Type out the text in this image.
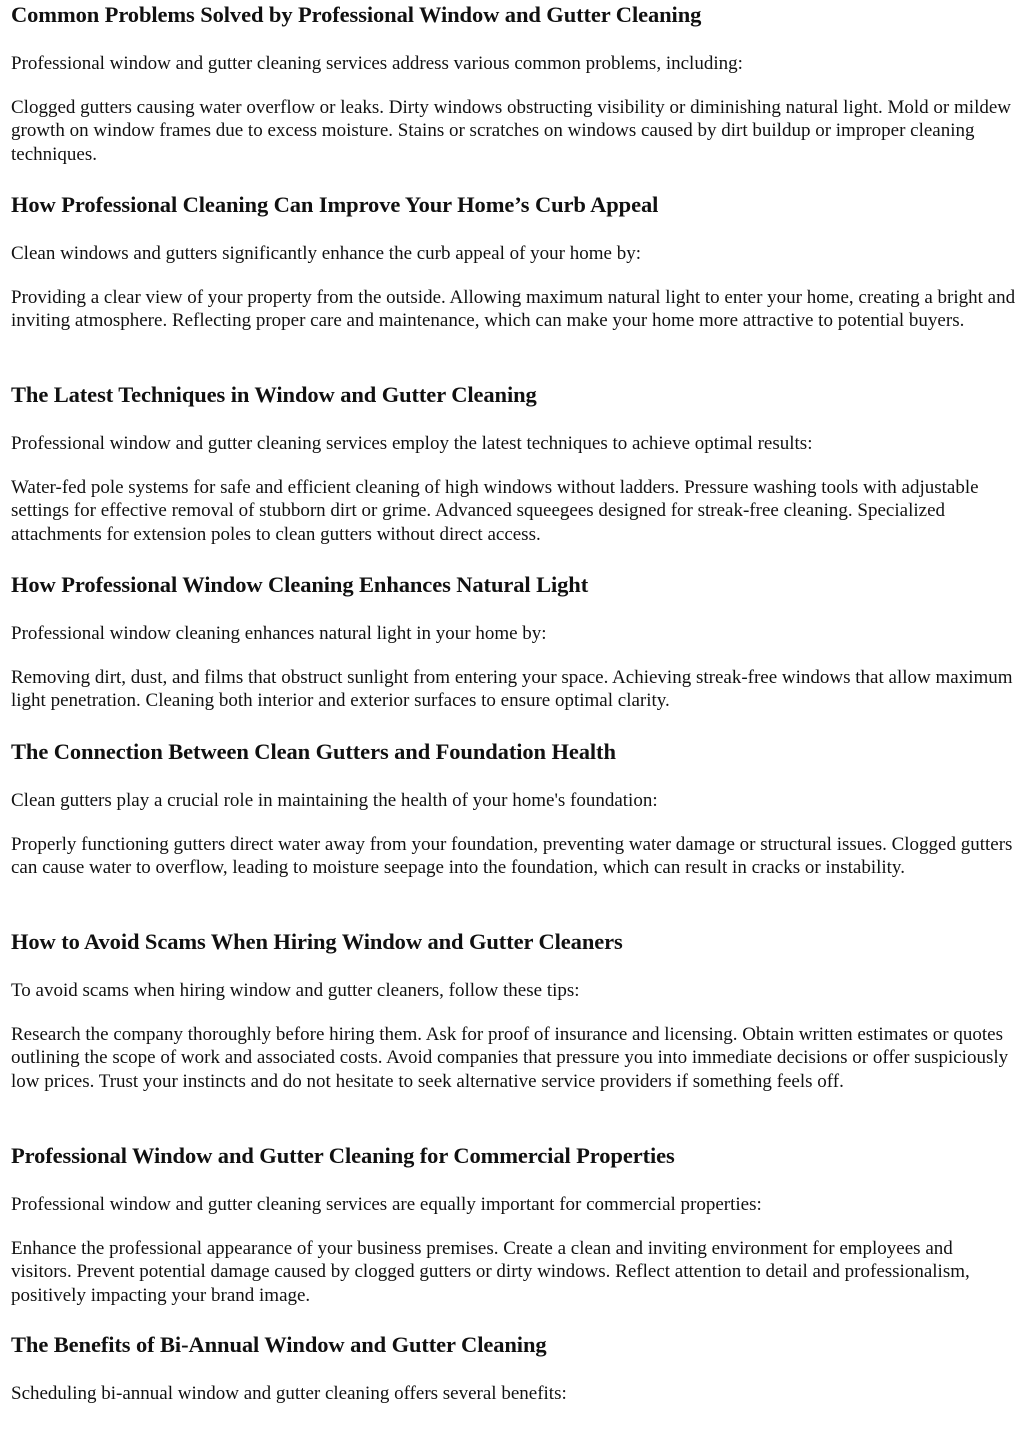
Common Problems Solved by Professional Window and Gutter Cleaning

Professional window and gutter cleaning services address various common problems, including:

Clogged gutters causing water overflow or leaks. Dirty windows obstructing visibility or diminishing natural light. Mold or mildew growth on window frames due to excess moisture. Stains or scratches on windows caused by dirt buildup or improper cleaning techniques.

How Professional Cleaning Can Improve Your Home’s Curb Appeal

Clean windows and gutters significantly enhance the curb appeal of your home by:

Providing a clear view of your property from the outside. Allowing maximum natural light to enter your home, creating a bright and inviting atmosphere. Reflecting proper care and maintenance, which can make your home more attractive to potential buyers.

The Latest Techniques in Window and Gutter Cleaning

Professional window and gutter cleaning services employ the latest techniques to achieve optimal results:

Water-fed pole systems for safe and efficient cleaning of high windows without ladders. Pressure washing tools with adjustable settings for effective removal of stubborn dirt or grime. Advanced squeegees designed for streak-free cleaning. Specialized attachments for extension poles to clean gutters without direct access.

How Professional Window Cleaning Enhances Natural Light

Professional window cleaning enhances natural light in your home by:

Removing dirt, dust, and films that obstruct sunlight from entering your space. Achieving streak-free windows that allow maximum light penetration. Cleaning both interior and exterior surfaces to ensure optimal clarity.

The Connection Between Clean Gutters and Foundation Health

Clean gutters play a crucial role in maintaining the health of your home's foundation:

Properly functioning gutters direct water away from your foundation, preventing water damage or structural issues. Clogged gutters can cause water to overflow, leading to moisture seepage into the foundation, which can result in cracks or instability.

How to Avoid Scams When Hiring Window and Gutter Cleaners

To avoid scams when hiring window and gutter cleaners, follow these tips:

Research the company thoroughly before hiring them. Ask for proof of insurance and licensing. Obtain written estimates or quotes outlining the scope of work and associated costs. Avoid companies that pressure you into immediate decisions or offer suspiciously low prices. Trust your instincts and do not hesitate to seek alternative service providers if something feels off.

Professional Window and Gutter Cleaning for Commercial Properties

Professional window and gutter cleaning services are equally important for commercial properties:

Enhance the professional appearance of your business premises. Create a clean and inviting environment for employees and visitors. Prevent potential damage caused by clogged gutters or dirty windows. Reflect attention to detail and professionalism, positively impacting your brand image.

The Benefits of Bi-Annual Window and Gutter Cleaning

Scheduling bi-annual window and gutter cleaning offers several benefits:
